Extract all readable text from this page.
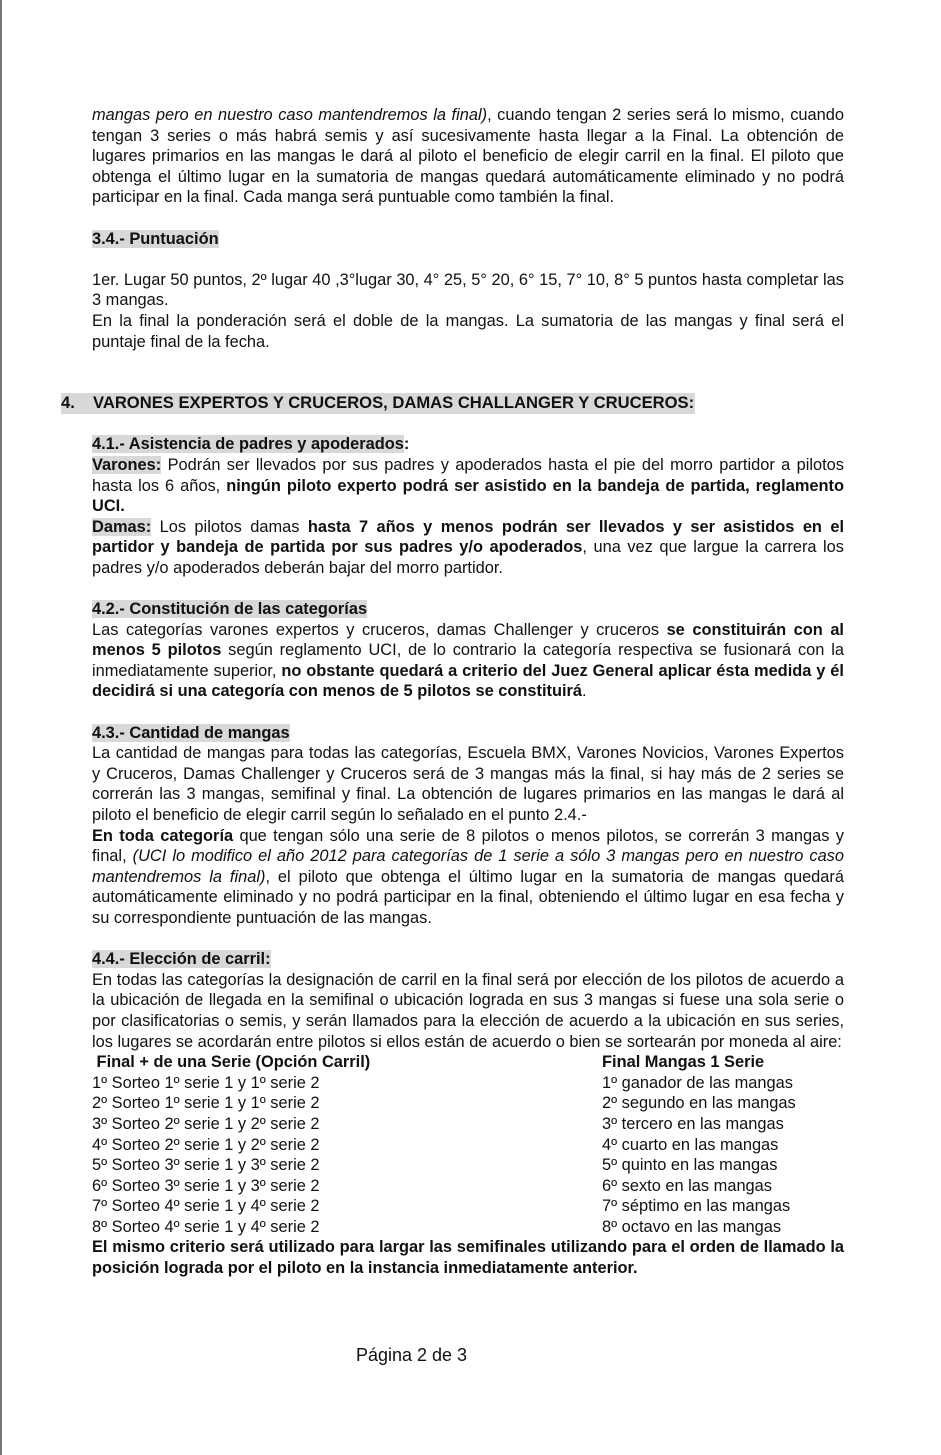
mangas pero en nuestro caso mantendremos la final), cuando tengan 2 series será lo mismo, cuando tengan 3 series o más habrá semis y así sucesivamente hasta llegar a la Final. La obtención de lugares primarios en las mangas le dará al piloto el beneficio de elegir carril en la final. El piloto que obtenga el último lugar en la sumatoria de mangas quedará automáticamente eliminado y no podrá participar en la final. Cada manga será puntuable como también la final.

3.4.- Puntuación

1er. Lugar 50 puntos, 2º lugar 40 ,3°lugar 30, 4° 25, 5° 20, 6° 15, 7° 10, 8° 5 puntos hasta completar las 3 mangas.

En la final la ponderación será el doble de la mangas. La sumatoria de las mangas y final será el puntaje final de la fecha.

4. VARONES EXPERTOS Y CRUCEROS, DAMAS CHALLANGER Y CRUCEROS:

4.1.- Asistencia de padres y apoderados:

Varones: Podrán ser llevados por sus padres y apoderados hasta el pie del morro partidor a pilotos hasta los 6 años, ningún piloto experto podrá ser asistido en la bandeja de partida, reglamento UCI.

Damas: Los pilotos damas hasta 7 años y menos podrán ser llevados y ser asistidos en el partidor y bandeja de partida por sus padres y/o apoderados, una vez que largue la carrera los padres y/o apoderados deberán bajar del morro partidor.

4.2.- Constitución de las categorías

Las categorías varones expertos y cruceros, damas Challenger y cruceros se constituirán con al menos 5 pilotos según reglamento UCI, de lo contrario la categoría respectiva se fusionará con la inmediatamente superior, no obstante quedará a criterio del Juez General aplicar ésta medida y él decidirá si una categoría con menos de 5 pilotos se constituirá.

4.3.- Cantidad de mangas

La cantidad de mangas para todas las categorías, Escuela BMX, Varones Novicios, Varones Expertos y Cruceros, Damas Challenger y Cruceros será de 3 mangas más la final, si hay más de 2 series se correrán las 3 mangas, semifinal y final. La obtención de lugares primarios en las mangas le dará al piloto el beneficio de elegir carril según lo señalado en el punto 2.4.-

En toda categoría que tengan sólo una serie de 8 pilotos o menos pilotos, se correrán 3 mangas y final, (UCI lo modifico el año 2012 para categorías de 1 serie a sólo 3 mangas pero en nuestro caso mantendremos la final), el piloto que obtenga el último lugar en la sumatoria de mangas quedará automáticamente eliminado y no podrá participar en la final, obteniendo el último lugar en esa fecha y su correspondiente puntuación de las mangas.

4.4.- Elección de carril:

En todas las categorías la designación de carril en la final será por elección de los pilotos de acuerdo a la ubicación de llegada en la semifinal o ubicación lograda en sus 3 mangas si fuese una sola serie o por clasificatorias o semis, y serán llamados para la elección de acuerdo a la ubicación en sus series, los lugares se acordarán entre pilotos si ellos están de acuerdo o bien se sortearán por moneda al aire:

Final + de una Serie (Opción Carril)	Final Mangas 1 Serie
1º Sorteo 1º serie 1 y 1º serie 2	1º ganador de las mangas
2º Sorteo 1º serie 1 y 1º serie 2	2º segundo en las mangas
3º Sorteo 2º serie 1 y 2º serie 2	3º tercero en las mangas
4º Sorteo 2º serie 1 y 2º serie 2	4º cuarto en las mangas
5º Sorteo 3º serie 1 y 3º serie 2	5º quinto en las mangas
6º Sorteo 3º serie 1 y 3º serie 2	6º sexto en las mangas
7º Sorteo 4º serie 1 y 4º serie 2	7º séptimo en las mangas
8º Sorteo 4º serie 1 y 4º serie 2	8º octavo en las mangas

El mismo criterio será utilizado para largar las semifinales utilizando para el orden de llamado la posición lograda por el piloto en la instancia inmediatamente anterior.

Página 2 de 3
